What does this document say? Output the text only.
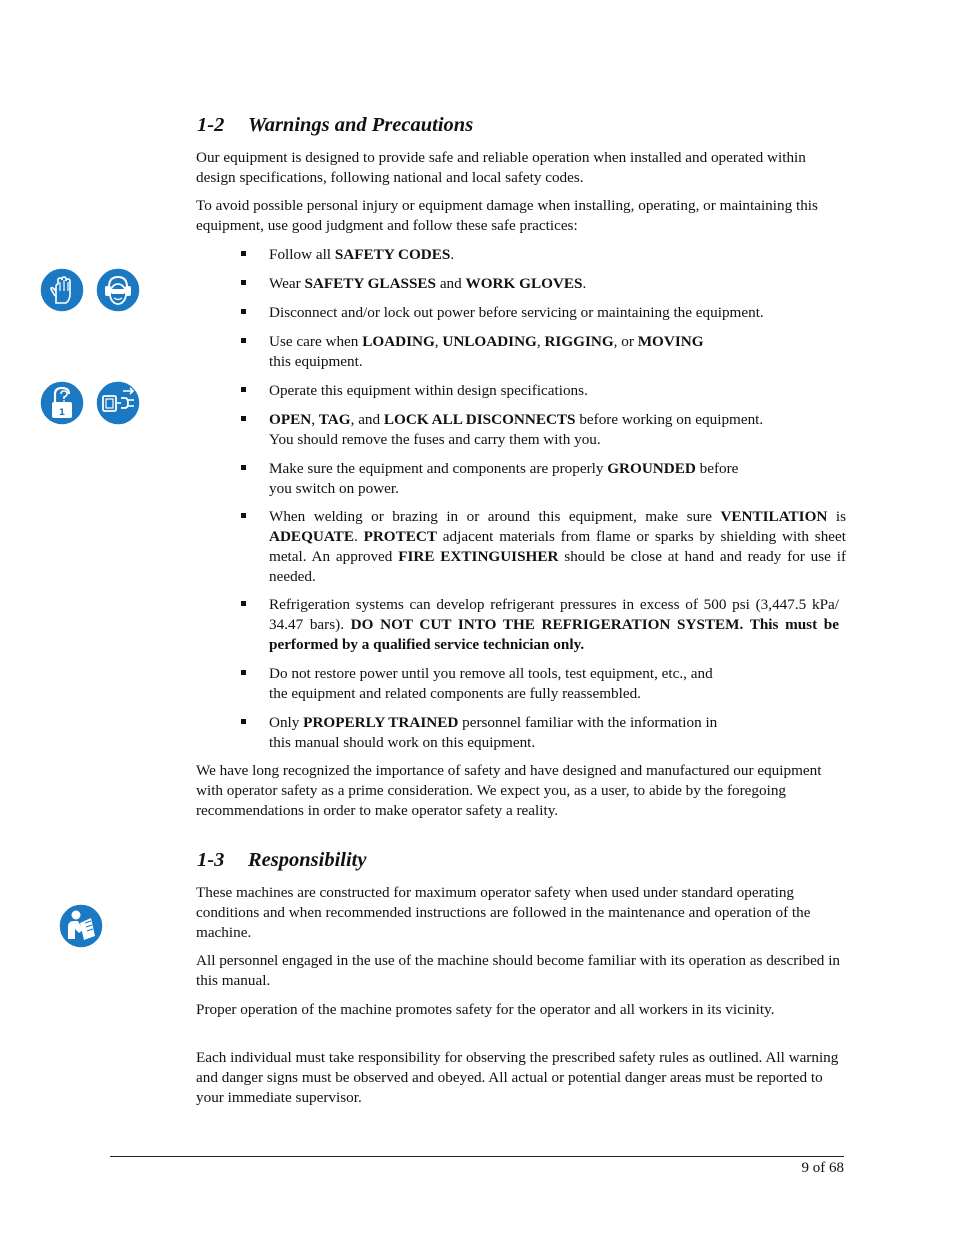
1-2 Warnings and Precautions

Our equipment is designed to provide safe and reliable operation when installed and operated within design specifications, following national and local safety codes.

To avoid possible personal injury or equipment damage when installing, operating, or maintaining this equipment, use good judgment and follow these safe practices:

Follow all SAFETY CODES.

Wear SAFETY GLASSES and WORK GLOVES.

Disconnect and/or lock out power before servicing or maintaining the equipment.

Use care when LOADING, UNLOADING, RIGGING, or MOVING
this equipment.

Operate this equipment within design specifications.

OPEN, TAG, and LOCK ALL DISCONNECTS before working on equipment.
You should remove the fuses and carry them with you.

Make sure the equipment and components are properly GROUNDED before
you switch on power.

When welding or brazing in or around this equipment, make sure VENTILATION is ADEQUATE. PROTECT adjacent materials from flame or sparks by shielding with sheet metal. An approved FIRE EXTINGUISHER should be close at hand and ready for use if needed.

Refrigeration systems can develop refrigerant pressures in excess of 500 psi (3,447.5 kPa/ 34.47 bars). DO NOT CUT INTO THE REFRIGERATION SYSTEM. This must be performed by a qualified service technician only.

Do not restore power until you remove all tools, test equipment, etc., and
the equipment and related components are fully reassembled.

Only PROPERLY TRAINED personnel familiar with the information in
this manual should work on this equipment.

We have long recognized the importance of safety and have designed and manufactured our equipment with operator safety as a prime consideration. We expect you, as a user, to abide by the foregoing recommendations in order to make operator safety a reality.

1-3 Responsibility

These machines are constructed for maximum operator safety when used under standard operating conditions and when recommended instructions are followed in the maintenance and operation of the machine.

All personnel engaged in the use of the machine should become familiar with its operation as described in this manual.

Proper operation of the machine promotes safety for the operator and all workers in its vicinity.

Each individual must take responsibility for observing the prescribed safety rules as outlined. All warning and danger signs must be observed and obeyed. All actual or potential danger areas must be reported to your immediate supervisor.

1
9 of 68
